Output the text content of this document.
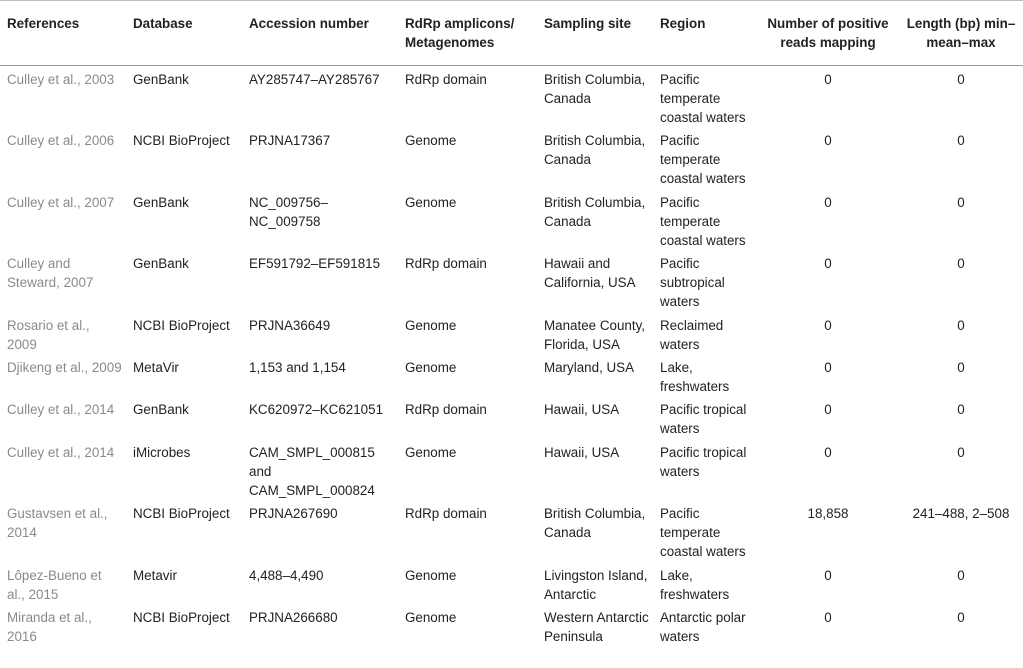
References	Database	Accession number	RdRp amplicons/ Metagenomes	Sampling site	Region	Number of positive reads mapping	Length (bp) min–mean–max
Culley et al., 2003	GenBank	AY285747–AY285767	RdRp domain	British Columbia, Canada	Pacific temperate coastal waters	0	0
Culley et al., 2006	NCBI BioProject	PRJNA17367	Genome	British Columbia, Canada	Pacific temperate coastal waters	0	0
Culley et al., 2007	GenBank	NC_009756– NC_009758	Genome	British Columbia, Canada	Pacific temperate coastal waters	0	0
Culley and Steward, 2007	GenBank	EF591792–EF591815	RdRp domain	Hawaii and California, USA	Pacific subtropical waters	0	0
Rosario et al., 2009	NCBI BioProject	PRJNA36649	Genome	Manatee County, Florida, USA	Reclaimed waters	0	0
Djikeng et al., 2009	MetaVir	1,153 and 1,154	Genome	Maryland, USA	Lake, freshwaters	0	0
Culley et al., 2014	GenBank	KC620972–KC621051	RdRp domain	Hawaii, USA	Pacific tropical waters	0	0
Culley et al., 2014	iMicrobes	CAM_SMPL_000815 and CAM_SMPL_000824	Genome	Hawaii, USA	Pacific tropical waters	0	0
Gustavsen et al., 2014	NCBI BioProject	PRJNA267690	RdRp domain	British Columbia, Canada	Pacific temperate coastal waters	18,858	241–488, 2–508
Lôpez-Bueno et al., 2015	Metavir	4,488–4,490	Genome	Livingston Island, Antarctic	Lake, freshwaters	0	0
Miranda et al., 2016	NCBI BioProject	PRJNA266680	Genome	Western Antarctic Peninsula	Antarctic polar waters	0	0
